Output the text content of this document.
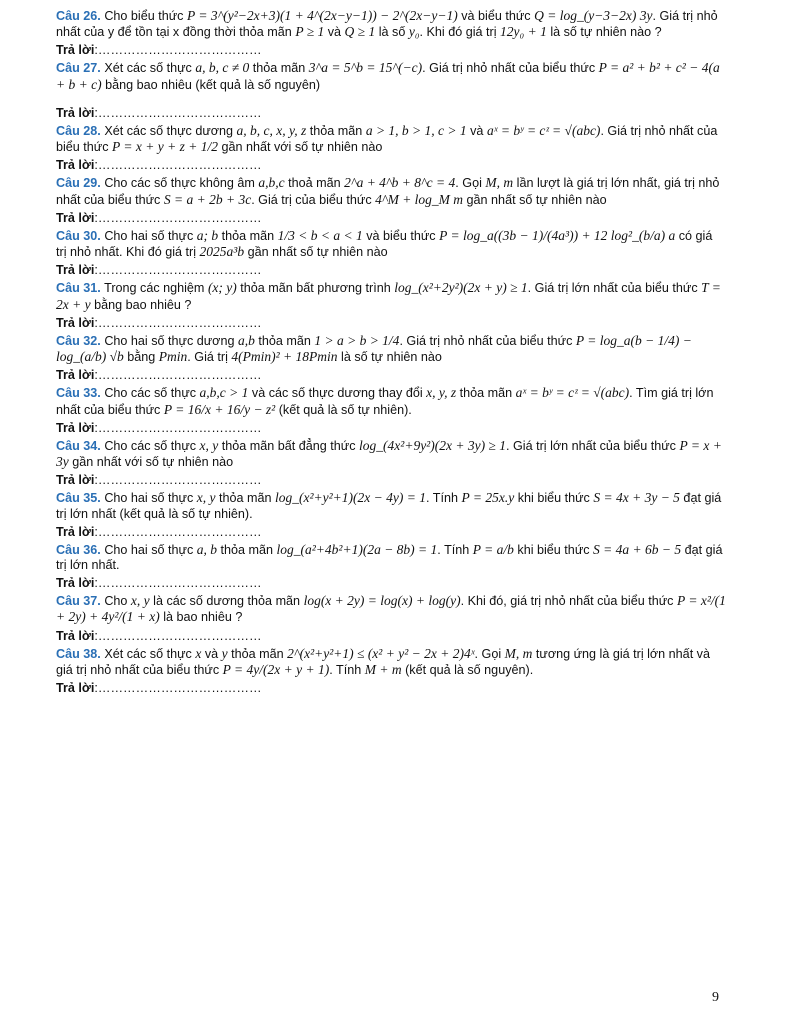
Câu 26. Cho biểu thức P = 3^(y²−2x+3)(1 + 4^(2x−y−1)) − 2^(2x−y−1) và biểu thức Q = log_(y−3−2x) 3y. Giá trị nhỏ nhất của y để tồn tại x đồng thời thỏa mãn P ≥ 1 và Q ≥ 1 là số y₀. Khi đó giá trị 12y₀ + 1 là số tự nhiên nào ?

Trả lời:…………………………………

Câu 27. Xét các số thực a, b, c ≠ 0 thỏa mãn 3^a = 5^b = 15^(−c). Giá trị nhỏ nhất của biểu thức P = a² + b² + c² − 4(a + b + c) bằng bao nhiêu (kết quả là số nguyên)

Trả lời:…………………………………

Câu 28. Xét các số thực dương a, b, c, x, y, z thỏa mãn a > 1, b > 1, c > 1 và aˣ = bʸ = cᶻ = √(abc). Giá trị nhỏ nhất của biểu thức P = x + y + z + 1/2 gần nhất với số tự nhiên nào

Trả lời:…………………………………

Câu 29. Cho các số thực không âm a,b,c thoả mãn 2^a + 4^b + 8^c = 4. Gọi M, m lần lượt là giá trị lớn nhất, giá trị nhỏ nhất của biểu thức S = a + 2b + 3c. Giá trị của biểu thức 4^M + log_M m gần nhất số tự nhiên nào

Trả lời:…………………………………

Câu 30. Cho hai số thực a; b thỏa mãn 1/3 < b < a < 1 và biểu thức P = log_a((3b − 1)/(4a³)) + 12 log²_(b/a) a có giá trị nhỏ nhất. Khi đó giá trị 2025a³b gần nhất số tự nhiên nào

Trả lời:…………………………………

Câu 31. Trong các nghiệm (x; y) thỏa mãn bất phương trình log_(x²+2y²)(2x + y) ≥ 1. Giá trị lớn nhất của biểu thức T = 2x + y bằng bao nhiêu ?

Trả lời:…………………………………

Câu 32. Cho hai số thực dương a,b thỏa mãn 1 > a > b > 1/4. Giá trị nhỏ nhất của biểu thức P = log_a(b − 1/4) − log_(a/b) √b bằng Pmin. Giá trị 4(Pmin)² + 18Pmin là số tự nhiên nào

Trả lời:…………………………………

Câu 33. Cho các số thực a,b,c > 1 và các số thực dương thay đổi x, y, z thỏa mãn aˣ = bʸ = cᶻ = √(abc). Tìm giá trị lớn nhất của biểu thức P = 16/x + 16/y − z² (kết quả là số tự nhiên).

Trả lời:…………………………………

Câu 34. Cho các số thực x, y thỏa mãn bất đẳng thức log_(4x²+9y²)(2x + 3y) ≥ 1. Giá trị lớn nhất của biểu thức P = x + 3y gần nhất với số tự nhiên nào

Trả lời:…………………………………

Câu 35. Cho hai số thực x, y thỏa mãn log_(x²+y²+1)(2x − 4y) = 1. Tính P = 25x.y khi biểu thức S = 4x + 3y − 5 đạt giá trị lớn nhất (kết quả là số tự nhiên).

Trả lời:…………………………………

Câu 36. Cho hai số thực a, b thỏa mãn log_(a²+4b²+1)(2a − 8b) = 1. Tính P = a/b khi biểu thức S = 4a + 6b − 5 đạt giá trị lớn nhất.

Trả lời:…………………………………

Câu 37. Cho x, y là các số dương thỏa mãn log(x + 2y) = log(x) + log(y). Khi đó, giá trị nhỏ nhất của biểu thức P = x²/(1 + 2y) + 4y²/(1 + x) là bao nhiêu ?

Trả lời:…………………………………

Câu 38. Xét các số thực x và y thỏa mãn 2^(x²+y²+1) ≤ (x² + y² − 2x + 2)4ˣ. Gọi M, m tương ứng là giá trị lớn nhất và giá trị nhỏ nhất của biểu thức P = 4y/(2x + y + 1). Tính M + m (kết quả là số nguyên).

Trả lời:…………………………………
9
